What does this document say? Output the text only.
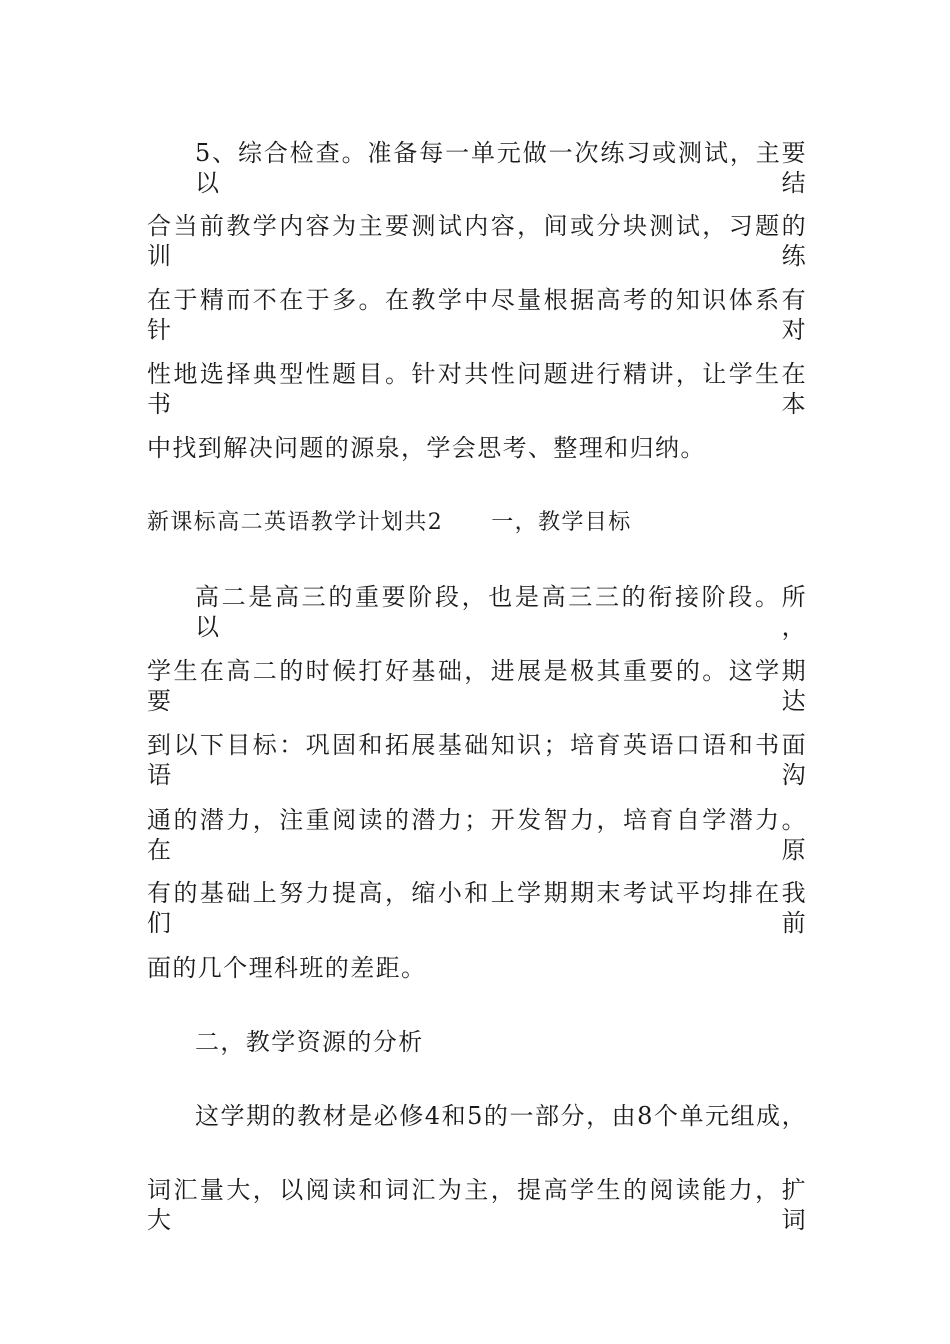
5、综合检查。准备每一单元做一次练习或测试，主要以结
合当前教学内容为主要测试内容，间或分块测试，习题的训练
在于精而不在于多。在教学中尽量根据高考的知识体系有针对
性地选择典型性题目。针对共性问题进行精讲，让学生在书本
中找到解决问题的源泉，学会思考、整理和归纳。
新课标高二英语教学计划共2 一，教学目标
高二是高三的重要阶段，也是高三三的衔接阶段。所以，
学生在高二的时候打好基础，进展是极其重要的。这学期要达
到以下目标：巩固和拓展基础知识；培育英语口语和书面语沟
通的潜力，注重阅读的潜力；开发智力，培育自学潜力。在原
有的基础上努力提高，缩小和上学期期末考试平均排在我们前
面的几个理科班的差距。
二，教学资源的分析
这学期的教材是必修4和5的一部分，由8个单元组成，
词汇量大，以阅读和词汇为主，提高学生的阅读能力，扩大词
